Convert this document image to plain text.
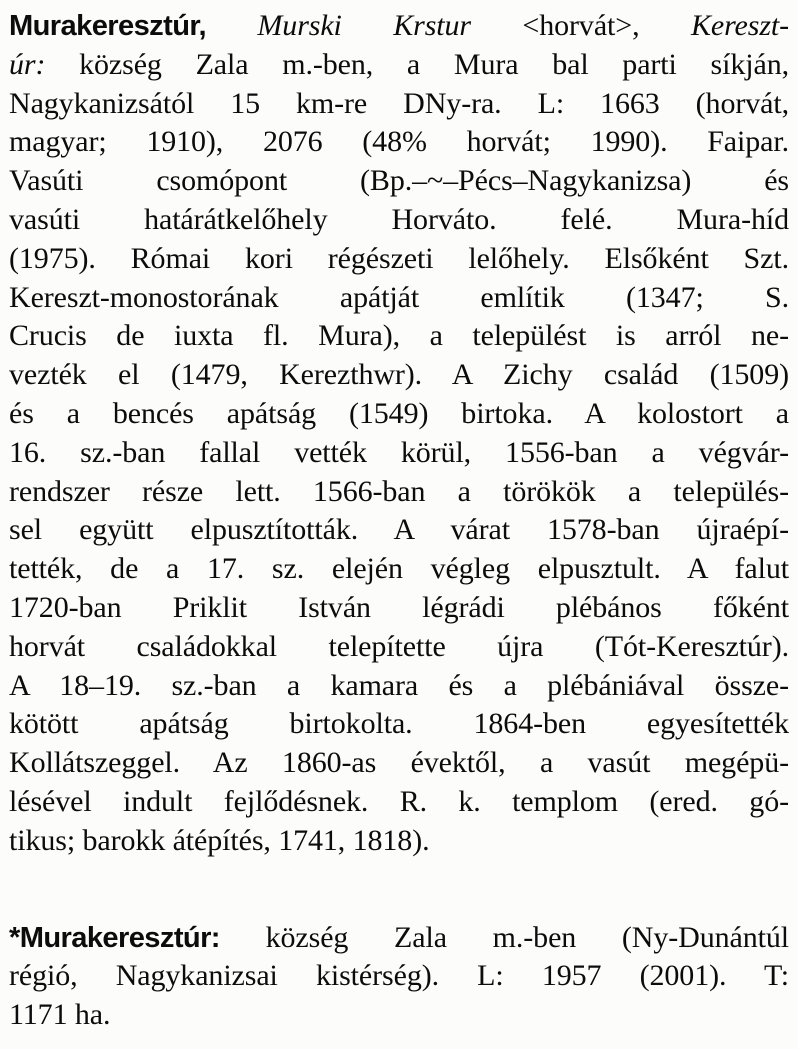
Murakeresztúr, Murski Krstur <horvát>, Kereszt-
úr: község Zala m.-ben, a Mura bal parti síkján,
Nagykanizsától 15 km-re DNy-ra. L: 1663 (horvát,
magyar; 1910), 2076 (48% horvát; 1990). Faipar.
Vasúti csomópont (Bp.–~–Pécs–Nagykanizsa) és
vasúti határátkelőhely Horváto. felé. Mura-híd
(1975). Római kori régészeti lelőhely. Elsőként Szt.
Kereszt-monostorának apátját említik (1347; S.
Crucis de iuxta fl. Mura), a települést is arról ne-
vezték el (1479, Kerezthwr). A Zichy család (1509)
és a bencés apátság (1549) birtoka. A kolostort a
16. sz.-ban fallal vették körül, 1556-ban a végvár-
rendszer része lett. 1566-ban a törökök a település-
sel együtt elpusztították. A várat 1578-ban újraépí-
tették, de a 17. sz. elején végleg elpusztult. A falut
1720-ban Priklit István légrádi plébános főként
horvát családokkal telepítette újra (Tót-Keresztúr).
A 18–19. sz.-ban a kamara és a plébániával össze-
kötött apátság birtokolta. 1864-ben egyesítették
Kollátszeggel. Az 1860-as évektől, a vasút megépü-
lésével indult fejlődésnek. R. k. templom (ered. gó-
tikus; barokk átépítés, 1741, 1818).
*Murakeresztúr: község Zala m.-ben (Ny-Dunántúl
régió, Nagykanizsai kistérség). L: 1957 (2001). T:
1171 ha.
